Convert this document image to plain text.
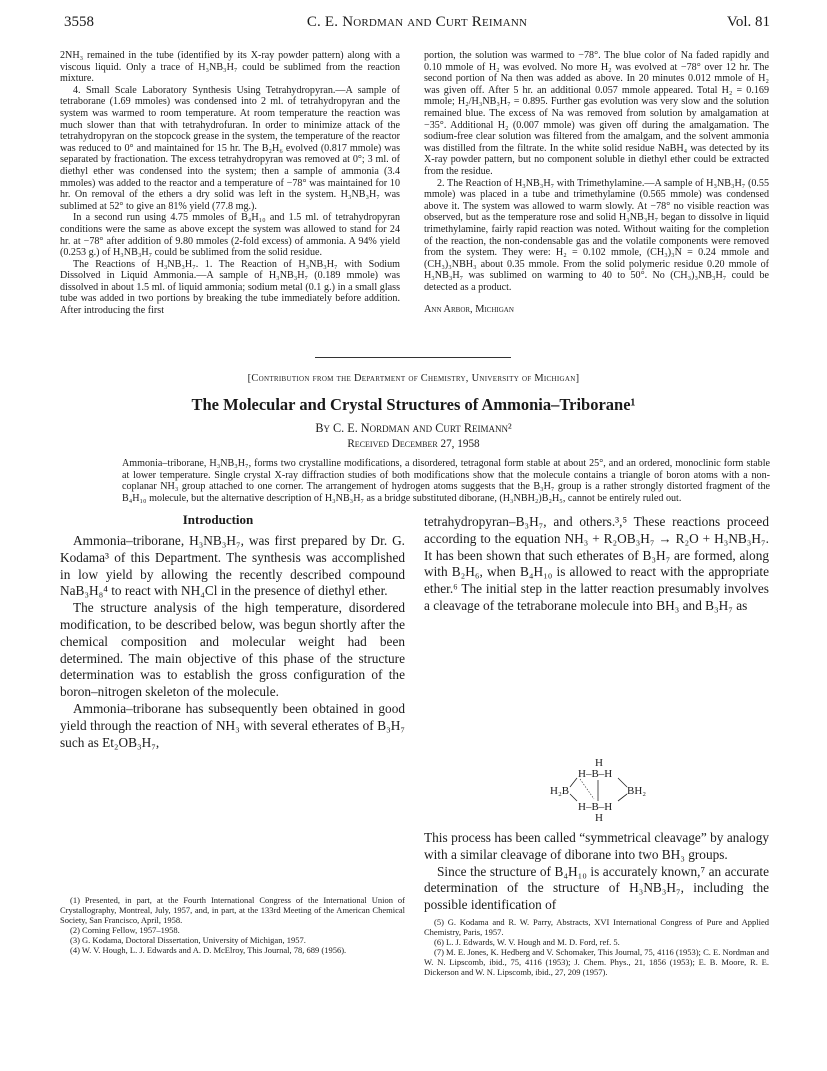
3558	C. E. Nordman and Curt Reimann	Vol. 81

2NH₃ remained in the tube (identified by its X-ray powder pattern) along with a viscous liquid. Only a trace of H₃NB₃H₇ could be sublimed from the reaction mixture.

4. Small Scale Laboratory Synthesis Using Tetrahydropyran.—A sample of tetraborane (1.69 mmoles) was condensed into 2 ml. of tetrahydropyran and the system was warmed to room temperature. At room temperature the reaction was much slower than that with tetrahydrofuran. In order to minimize attack of the tetrahydropyran on the stopcock grease in the system, the temperature of the reactor was reduced to 0° and maintained for 15 hr. The B₂H₆ evolved (0.817 mmole) was separated by fractionation. The excess tetrahydropyran was removed at 0°; 3 ml. of diethyl ether was condensed into the system; then a sample of ammonia (3.4 mmoles) was added to the reactor and a temperature of −78° was maintained for 10 hr. On removal of the ethers a dry solid was left in the system. H₃NB₃H₇ was sublimed at 52° to give an 81% yield (77.8 mg.).

In a second run using 4.75 mmoles of B₄H₁₀ and 1.5 ml. of tetrahydropyran conditions were the same as above except the system was allowed to stand for 24 hr. at −78° after addition of 9.80 mmoles (2-fold excess) of ammonia. A 94% yield (0.253 g.) of H₃NB₃H₇ could be sublimed from the solid residue.

The Reactions of H₃NB₃H₇. 1. The Reaction of H₃NB₃H₇ with Sodium Dissolved in Liquid Ammonia.—A sample of H₃NB₃H₇ (0.189 mmole) was dissolved in about 1.5 ml. of liquid ammonia; sodium metal (0.1 g.) in a small glass tube was added in two portions by breaking the tube immediately before addition. After introducing the first

portion, the solution was warmed to −78°. The blue color of Na faded rapidly and 0.10 mmole of H₂ was evolved. No more H₂ was evolved at −78° over 12 hr. The second portion of Na then was added as above. In 20 minutes 0.012 mmole of H₂ was given off. After 5 hr. an additional 0.057 mmole appeared. Total H₂ = 0.169 mmole; H₂/H₃NB₃H₇ = 0.895. Further gas evolution was very slow and the solution remained blue. The excess of Na was removed from solution by amalgamation at −35°. Additional H₂ (0.007 mmole) was given off during the amalgamation. The sodium-free clear solution was filtered from the amalgam, and the solvent ammonia was distilled from the filtrate. In the white solid residue NaBH₄ was detected by its X-ray powder pattern, but no component soluble in diethyl ether could be extracted from the residue.

2. The Reaction of H₃NB₃H₇ with Trimethylamine.—A sample of H₃NB₃H₇ (0.55 mmole) was placed in a tube and trimethylamine (0.565 mmole) was condensed above it. The system was allowed to warm slowly. At −78° no visible reaction was observed, but as the temperature rose and solid H₃NB₃H₇ began to dissolve in liquid trimethylamine, fairly rapid reaction was noted. Without waiting for the completion of the reaction, the non-condensable gas and the volatile components were removed from the system. They were: H₂ = 0.102 mmole, (CH₃)₃N = 0.24 mmole and (CH₃)₃NBH₃ about 0.35 mmole. From the solid polymeric residue 0.20 mmole of H₃NB₃H₇ was sublimed on warming to 40 to 50°. No (CH₃)₃NB₃H₇ could be detected as a product.

Ann Arbor, Michigan
[Contribution from the Department of Chemistry, University of Michigan]
The Molecular and Crystal Structures of Ammonia–Triborane¹
By C. E. Nordman and Curt Reimann²
Received December 27, 1958

Ammonia–triborane, H₃NB₃H₇, forms two crystalline modifications, a disordered, tetragonal form stable at about 25°, and an ordered, monoclinic form stable at lower temperature. Single crystal X-ray diffraction studies of both modifications show that the molecule contains a triangle of boron atoms with a non-coplanar NH₃ group attached to one corner. The arrangement of hydrogen atoms suggests that the B₃H₇ group is a rather strongly distorted fragment of the B₄H₁₀ molecule, but the alternative description of H₃NB₃H₇ as a bridge substituted diborane, (H₃NBH₂)B₂H₅, cannot be entirely ruled out.

Introduction

Ammonia–triborane, H₃NB₃H₇, was first prepared by Dr. G. Kodama³ of this Department. The synthesis was accomplished in low yield by allowing the recently described compound NaB₃H₈⁴ to react with NH₄Cl in the presence of diethyl ether.

The structure analysis of the high temperature, disordered modification, to be described below, was begun shortly after the chemical composition and molecular weight had been determined. The main objective of this phase of the structure determination was to establish the gross configuration of the boron–nitrogen skeleton of the molecule.

Ammonia–triborane has subsequently been obtained in good yield through the reaction of NH₃ with several etherates of B₃H₇ such as Et₂OB₃H₇,

tetrahydropyran–B₃H₇, and others.³,⁵ These reactions proceed according to the equation NH₃ + R₂OB₃H₇ → R₂O + H₃NB₃H₇. It has been shown that such etherates of B₃H₇ are formed, along with B₂H₆, when B₄H₁₀ is allowed to react with the appropriate ether.⁶ The initial step in the latter reaction presumably involves a cleavage of the tetraborane molecule into BH₃ and B₃H₇ as

H
H–B–H
H₂B	BH₂
H–B–H
H

This process has been called “symmetrical cleavage” by analogy with a similar cleavage of diborane into two BH₃ groups.

Since the structure of B₄H₁₀ is accurately known,⁷ an accurate determination of the structure of H₃NB₃H₇, including the possible identification of

(1) Presented, in part, at the Fourth International Congress of the International Union of Crystallography, Montreal, July, 1957, and, in part, at the 133rd Meeting of the American Chemical Society, San Francisco, April, 1958.

(2) Corning Fellow, 1957–1958.

(3) G. Kodama, Doctoral Dissertation, University of Michigan, 1957.

(4) W. V. Hough, L. J. Edwards and A. D. McElroy, This Journal, 78, 689 (1956).

(5) G. Kodama and R. W. Parry, Abstracts, XVI International Congress of Pure and Applied Chemistry, Paris, 1957.

(6) L. J. Edwards, W. V. Hough and M. D. Ford, ref. 5.

(7) M. E. Jones, K. Hedberg and V. Schomaker, This Journal, 75, 4116 (1953); C. E. Nordman and W. N. Lipscomb, ibid., 75, 4116 (1953); J. Chem. Phys., 21, 1856 (1953); E. B. Moore, R. E. Dickerson and W. N. Lipscomb, ibid., 27, 209 (1957).
